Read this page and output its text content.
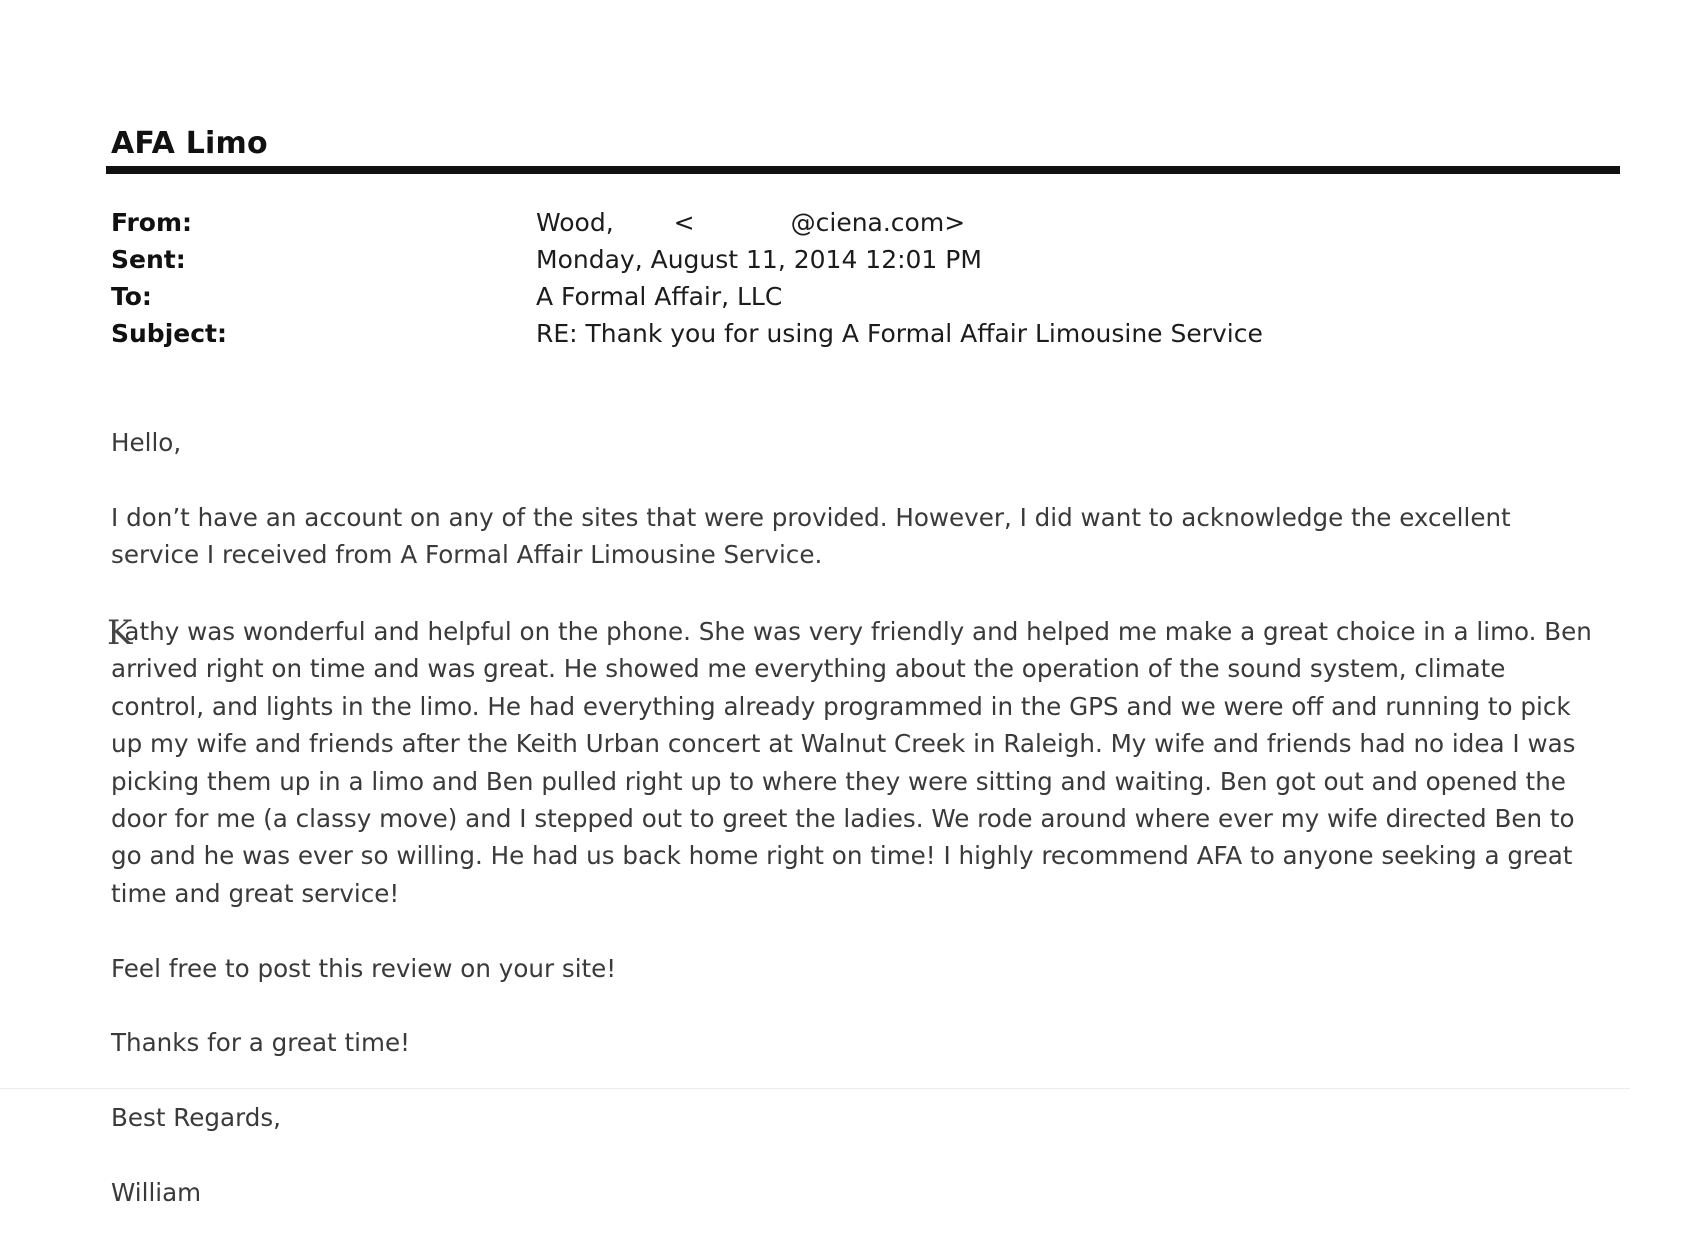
AFA Limo
From:	Wood, <	@ciena.com>
Sent:	Monday, August 11, 2014 12:01 PM
To:	A Formal Affair, LLC
Subject:	RE: Thank you for using A Formal Affair Limousine Service

Hello,

I don’t have an account on any of the sites that were provided. However, I did want to acknowledge the excellent
service I received from A Formal Affair Limousine Service.

Kathy was wonderful and helpful on the phone. She was very friendly and helped me make a great choice in a limo. Ben
arrived right on time and was great. He showed me everything about the operation of the sound system, climate
control, and lights in the limo. He had everything already programmed in the GPS and we were off and running to pick
up my wife and friends after the Keith Urban concert at Walnut Creek in Raleigh. My wife and friends had no idea I was
picking them up in a limo and Ben pulled right up to where they were sitting and waiting. Ben got out and opened the
door for me (a classy move) and I stepped out to greet the ladies. We rode around where ever my wife directed Ben to
go and he was ever so willing. He had us back home right on time! I highly recommend AFA to anyone seeking a great
time and great service!

Feel free to post this review on your site!

Thanks for a great time!

Best Regards,

William
